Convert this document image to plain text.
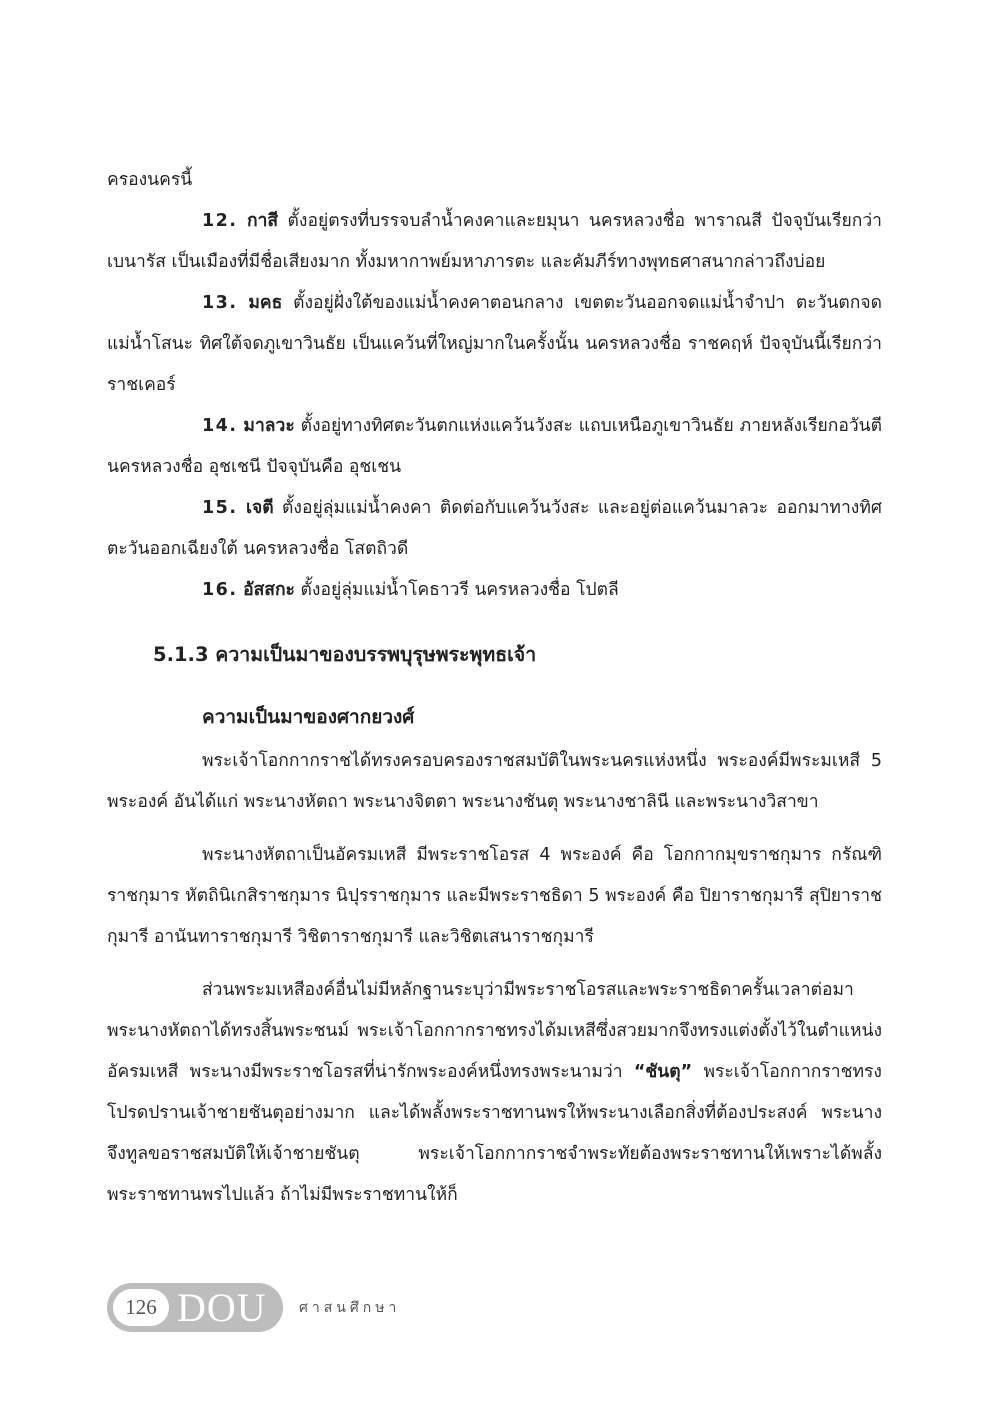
ครองนครนี้

12. กาสี ตั้งอยู่ตรงที่บรรจบลำน้ำคงคาและยมุนา นครหลวงชื่อ พาราณสี ปัจจุบันเรียกว่า เบนารัส เป็นเมืองที่มีชื่อเสียงมาก ทั้งมหากาพย์มหาภารตะ และคัมภีร์ทางพุทธศาสนากล่าวถึงบ่อย

13. มคธ ตั้งอยู่ฝั่งใต้ของแม่น้ำคงคาตอนกลาง เขตตะวันออกจดแม่น้ำจำปา ตะวันตกจดแม่น้ำโสนะ ทิศใต้จดภูเขาวินธัย เป็นแคว้นที่ใหญ่มากในครั้งนั้น นครหลวงชื่อ ราชคฤห์ ปัจจุบันนี้เรียกว่า ราชเคอร์

14. มาลวะ ตั้งอยู่ทางทิศตะวันตกแห่งแคว้นวังสะ แถบเหนือภูเขาวินธัย ภายหลังเรียกอวันตี นครหลวงชื่อ อุชเชนี ปัจจุบันคือ อุชเชน

15. เจตี ตั้งอยู่ลุ่มแม่น้ำคงคา ติดต่อกับแคว้นวังสะ และอยู่ต่อแคว้นมาลวะ ออกมาทางทิศตะวันออกเฉียงใต้ นครหลวงชื่อ โสตถิวดี

16. อัสสกะ ตั้งอยู่ลุ่มแม่น้ำโคธาวรี นครหลวงชื่อ โปตลี

5.1.3 ความเป็นมาของบรรพบุรุษพระพุทธเจ้า
ความเป็นมาของศากยวงศ์

พระเจ้าโอกกากราชได้ทรงครอบครองราชสมบัติในพระนครแห่งหนึ่ง พระองค์มีพระมเหสี 5 พระองค์ อันได้แก่ พระนางหัตถา พระนางจิตตา พระนางชันตุ พระนางชาลินี และพระนางวิสาขา

พระนางหัตถาเป็นอัครมเหสี มีพระราชโอรส 4 พระองค์ คือ โอกกากมุขราชกุมาร กรัณฑิราชกุมาร หัตถินิเกสิราชกุมาร นิปุรราชกุมาร และมีพระราชธิดา 5 พระองค์ คือ ปิยาราชกุมารี สุปิยาราชกุมารี อานันทาราชกุมารี วิชิตาราชกุมารี และวิชิตเสนาราชกุมารี

ส่วนพระมเหสีองค์อื่นไม่มีหลักฐานระบุว่ามีพระราชโอรสและพระราชธิดาครั้นเวลาต่อมา พระนางหัตถาได้ทรงสิ้นพระชนม์ พระเจ้าโอกกากราชทรงได้มเหสีซึ่งสวยมากจึงทรงแต่งตั้งไว้ในตำแหน่งอัครมเหสี พระนางมีพระราชโอรสที่น่ารักพระองค์หนึ่งทรงพระนามว่า “ชันตุ” พระเจ้าโอกกากราชทรงโปรดปรานเจ้าชายชันตุอย่างมาก และได้พลั้งพระราชทานพรให้พระนางเลือกสิ่งที่ต้องประสงค์ พระนางจึงทูลขอราชสมบัติให้เจ้าชายชันตุ พระเจ้าโอกกากราชจำพระทัยต้องพระราชทานให้เพราะได้พลั้งพระราชทานพรไปแล้ว ถ้าไม่มีพระราชทานให้ก็

126 DOU ศาสนศึกษา
